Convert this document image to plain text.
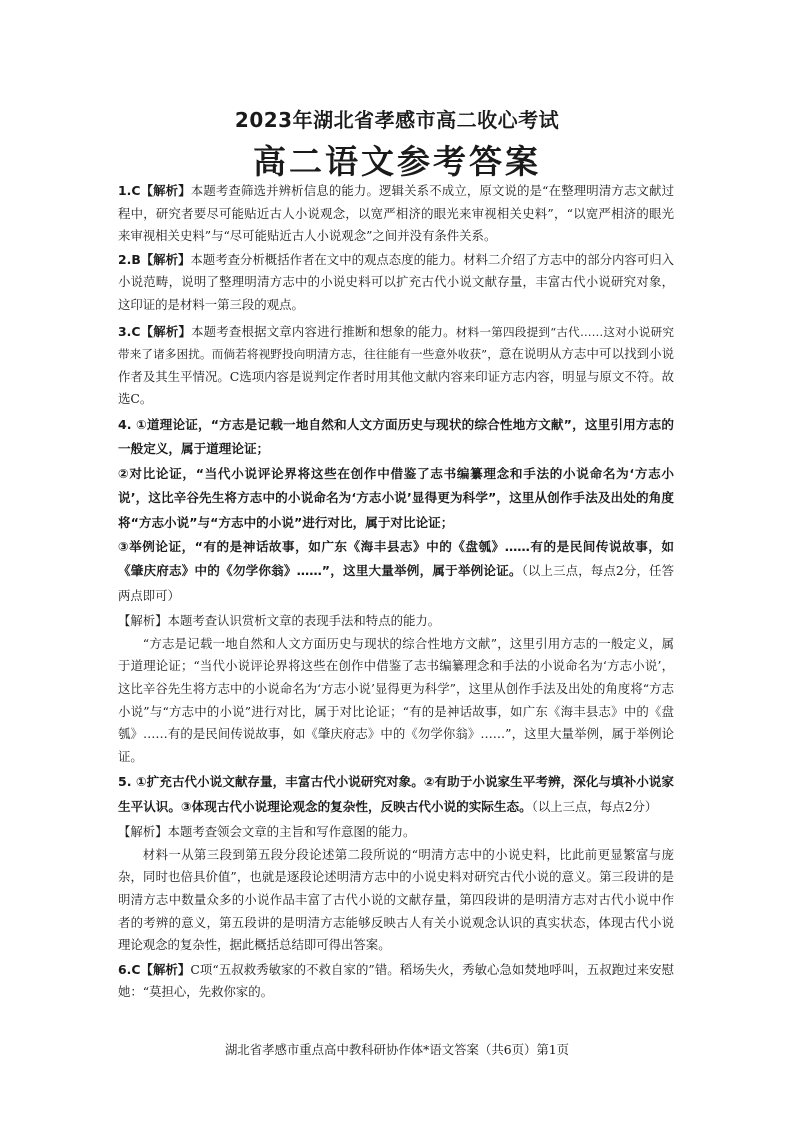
2023年湖北省孝感市高二收心考试
高二语文参考答案

1.C【解析】本题考查筛选并辨析信息的能力。逻辑关系不成立，原文说的是“在整理明清方志文献过程中，研究者要尽可能贴近古人小说观念，以宽严相济的眼光来审视相关史料”，“以宽严相济的眼光来审视相关史料”与“尽可能贴近古人小说观念”之间并没有条件关系。

2.B【解析】本题考查分析概括作者在文中的观点态度的能力。材料二介绍了方志中的部分内容可归入小说范畴，说明了整理明清方志中的小说史料可以扩充古代小说文献存量，丰富古代小说研究对象，这印证的是材料一第三段的观点。

3.C【解析】本题考查根据文章内容进行推断和想象的能力。材料一第四段提到“古代……这对小说研究带来了诸多困扰。而倘若将视野投向明清方志，往往能有一些意外收获”，意在说明从方志中可以找到小说作者及其生平情况。C选项内容是说判定作者时用其他文献内容来印证方志内容，明显与原文不符。故选C。

4. ①道理论证，“方志是记载一地自然和人文方面历史与现状的综合性地方文献”，这里引用方志的一般定义，属于道理论证；

②对比论证，“当代小说评论界将这些在创作中借鉴了志书编纂理念和手法的小说命名为‘方志小说’，这比辛谷先生将方志中的小说命名为‘方志小说’显得更为科学”，这里从创作手法及出处的角度将“方志小说”与“方志中的小说”进行对比，属于对比论证；

③举例论证，“有的是神话故事，如广东《海丰县志》中的《盘瓠》……有的是民间传说故事，如《肇庆府志》中的《勿学你翁》……”，这里大量举例，属于举例论证。（以上三点，每点2分，任答两点即可）

【解析】本题考查认识赏析文章的表现手法和特点的能力。

“方志是记载一地自然和人文方面历史与现状的综合性地方文献”，这里引用方志的一般定义，属于道理论证；“当代小说评论界将这些在创作中借鉴了志书编纂理念和手法的小说命名为‘方志小说’，这比辛谷先生将方志中的小说命名为‘方志小说’显得更为科学”，这里从创作手法及出处的角度将“方志小说”与“方志中的小说”进行对比，属于对比论证；“有的是神话故事，如广东《海丰县志》中的《盘瓠》……有的是民间传说故事，如《肇庆府志》中的《勿学你翁》……”，这里大量举例，属于举例论证。

5. ①扩充古代小说文献存量，丰富古代小说研究对象。②有助于小说家生平考辨，深化与填补小说家生平认识。③体现古代小说理论观念的复杂性，反映古代小说的实际生态。（以上三点，每点2分）

【解析】本题考查领会文章的主旨和写作意图的能力。

材料一从第三段到第五段分段论述第二段所说的“明清方志中的小说史料，比此前更显繁富与庞杂，同时也倍具价值”，也就是逐段论述明清方志中的小说史料对研究古代小说的意义。第三段讲的是明清方志中数量众多的小说作品丰富了古代小说的文献存量，第四段讲的是明清方志对古代小说中作者的考辨的意义，第五段讲的是明清方志能够反映古人有关小说观念认识的真实状态，体现古代小说理论观念的复杂性，据此概括总结即可得出答案。

6.C【解析】C项“五叔救秀敏家的不救自家的”错。稻场失火，秀敏心急如焚地呼叫，五叔跑过来安慰她：“莫担心，先救你家的。

湖北省孝感市重点高中教科研协作体*语文答案（共6页）第1页
